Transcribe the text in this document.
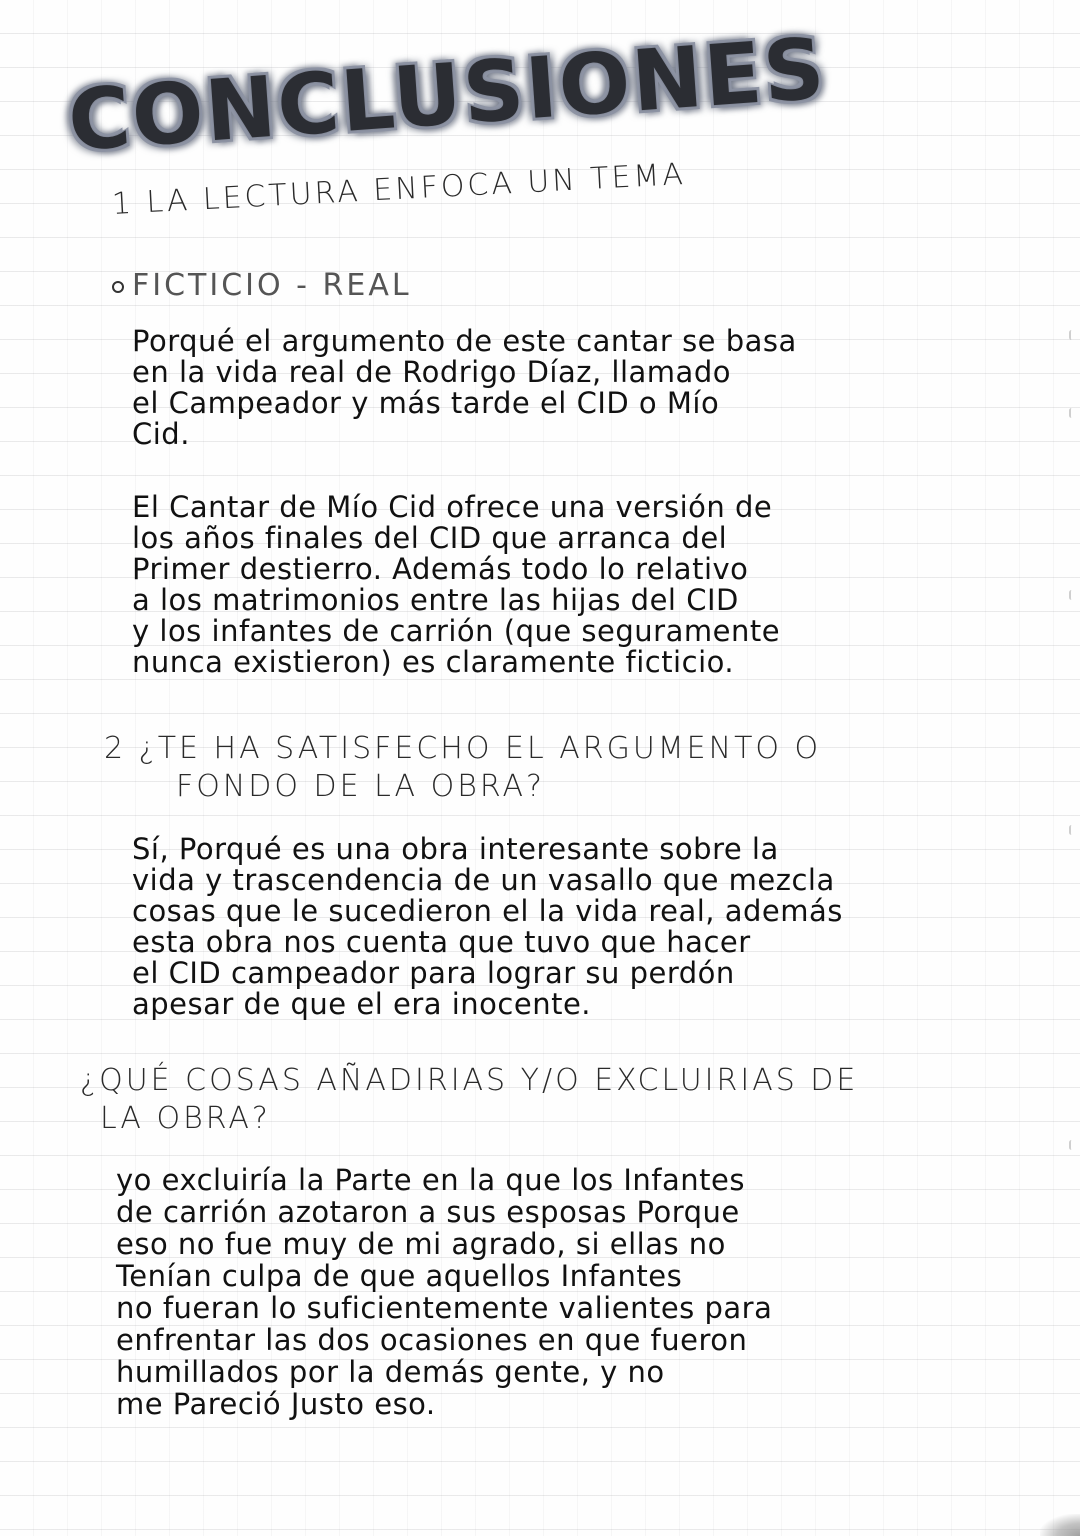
CONCLUSIONES
1 LA LECTURA ENFOCA UN TEMA
FICTICIO - REAL
Porqué el argumento de este cantar se basa
en la vida real de Rodrigo Díaz, llamado
el Campeador y más tarde el CID o Mío
Cid.
El Cantar de Mío Cid ofrece una versión de
los años finales del CID que arranca del
Primer destierro. Además todo lo relativo
a los matrimonios entre las hijas del CID
y los infantes de carrión (que seguramente
nunca existieron) es claramente ficticio.
2 ¿TE HA SATISFECHO EL ARGUMENTO O
FONDO DE LA OBRA?
Sí, Porqué es una obra interesante sobre la
vida y trascendencia de un vasallo que mezcla
cosas que le sucedieron el la vida real, además
esta obra nos cuenta que tuvo que hacer
el CID campeador para lograr su perdón
apesar de que el era inocente.
¿QUÉ COSAS AÑADIRIAS Y/O EXCLUIRIAS DE
LA OBRA?
yo excluiría la Parte en la que los Infantes
de carrión azotaron a sus esposas Porque
eso no fue muy de mi agrado, si ellas no
Tenían culpa de que aquellos Infantes
no fueran lo suficientemente valientes para
enfrentar las dos ocasiones en que fueron
humillados por la demás gente, y no
me Pareció Justo eso.
